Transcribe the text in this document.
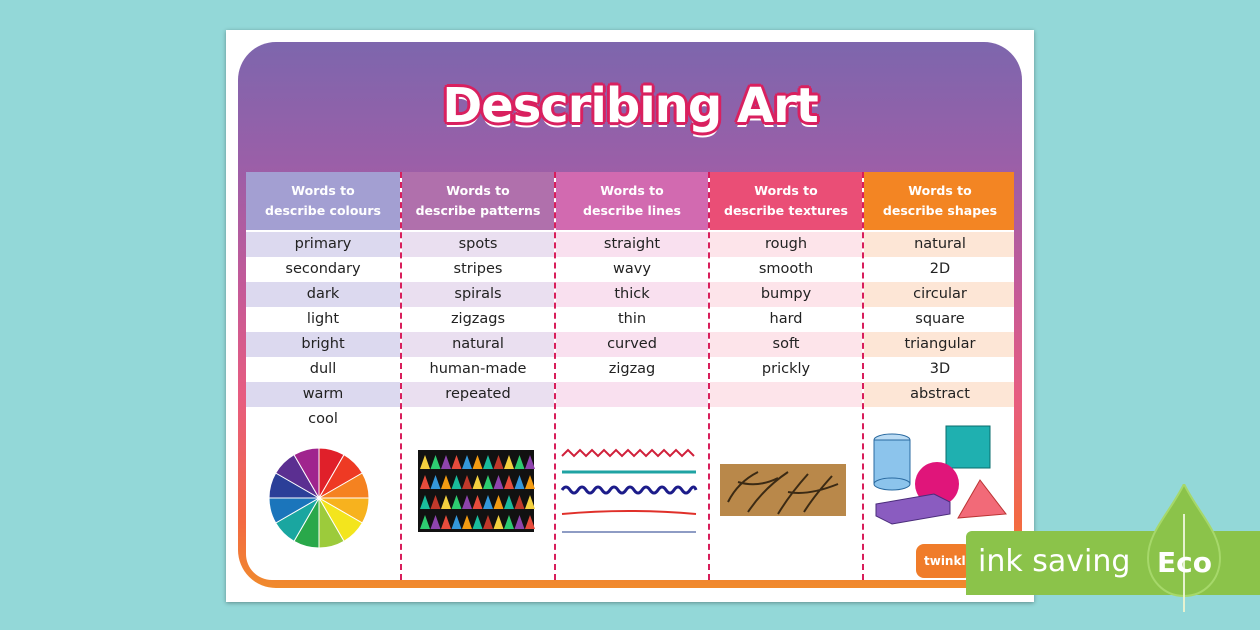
Describing Art
Words to
describe colours
primary
secondary
dark
light
bright
dull
warm
cool
Words to
describe patterns
spots
stripes
spirals
zigzags
natural
human-made
repeated
Words to
describe lines
straight
wavy
thick
thin
curved
zigzag
Words to
describe textures
rough
smooth
bumpy
hard
soft
prickly
Words to
describe shapes
natural
2D
circular
square
triangular
3D
abstract
twinkl ink saving Eco
